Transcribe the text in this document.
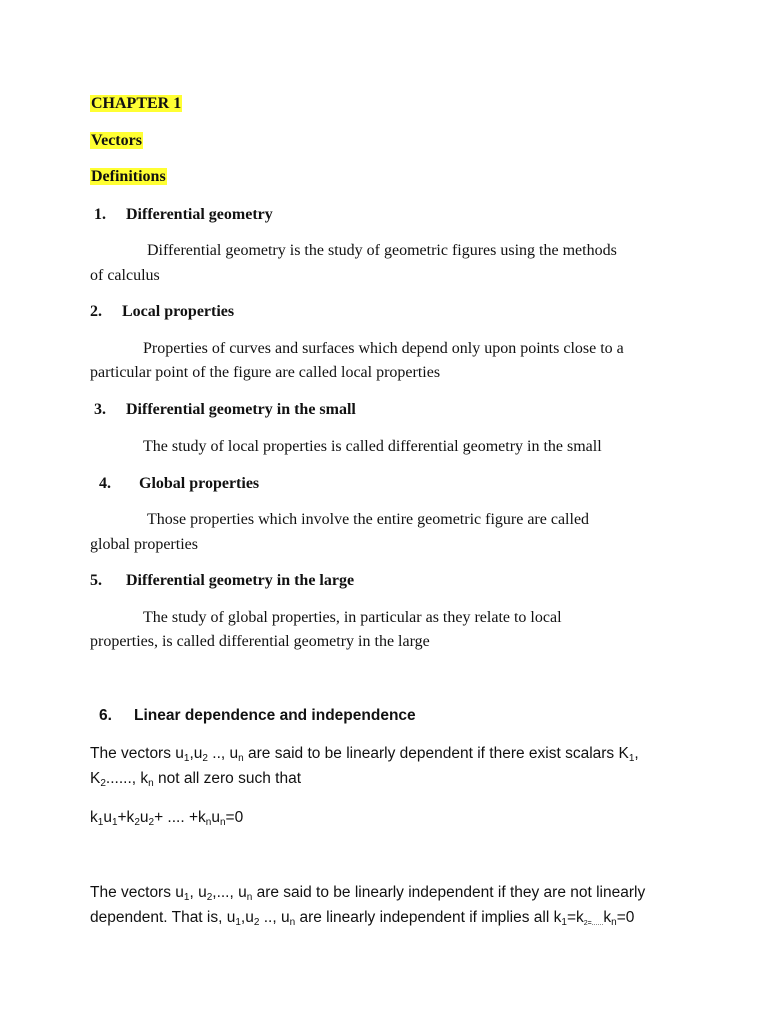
CHAPTER 1
Vectors
Definitions
1. Differential geometry
Differential geometry is the study of geometric figures using the methods
of calculus
2. Local properties
Properties of curves and surfaces which depend only upon points close to a
particular point of the figure are called local properties
3. Differential geometry in the small
The study of local properties is called differential geometry in the small
4. Global properties
Those properties which involve the entire geometric figure are called
global properties
5. Differential geometry in the large
The study of global properties, in particular as they relate to local
properties, is called differential geometry in the large
6. Linear dependence and independence
The vectors $u_1,u_2$ .., $u_n$ are said to be linearly dependent if there exist scalars $K_1$,
$K_2$......, $k_n$ not all zero such that
$k_1u_1+k_2u_2+$ .... $+k_nu_n=0$
The vectors $u_1$, $u_2$,..., $u_n$ are said to be linearly independent if they are not linearly
dependent. That is, $u_1,u_2$ .., $u_n$ are linearly independent if implies all $k_1=k_{2=......}k_n=0$
